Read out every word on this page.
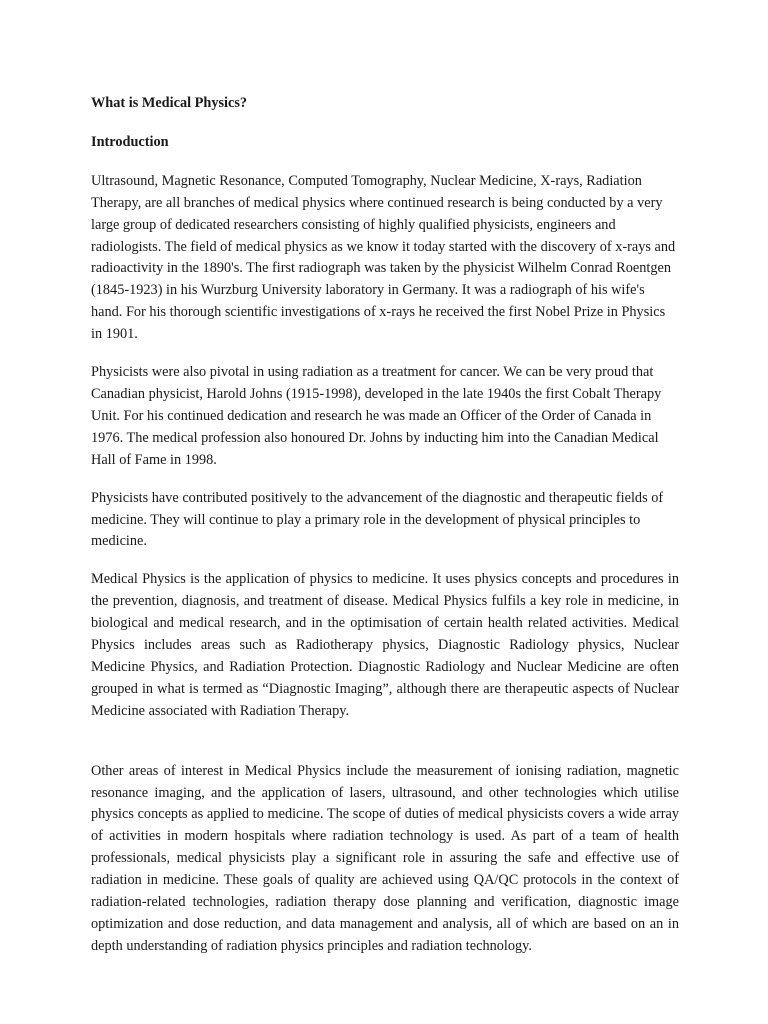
What is Medical Physics?

Introduction

Ultrasound, Magnetic Resonance, Computed Tomography, Nuclear Medicine, X-rays, Radiation Therapy, are all branches of medical physics where continued research is being conducted by a very large group of dedicated researchers consisting of highly qualified physicists, engineers and radiologists. The field of medical physics as we know it today started with the discovery of x-rays and radioactivity in the 1890's. The first radiograph was taken by the physicist Wilhelm Conrad Roentgen (1845-1923) in his Wurzburg University laboratory in Germany. It was a radiograph of his wife's hand. For his thorough scientific investigations of x-rays he received the first Nobel Prize in Physics in 1901.

Physicists were also pivotal in using radiation as a treatment for cancer. We can be very proud that Canadian physicist, Harold Johns (1915-1998), developed in the late 1940s the first Cobalt Therapy Unit. For his continued dedication and research he was made an Officer of the Order of Canada in 1976. The medical profession also honoured Dr. Johns by inducting him into the Canadian Medical Hall of Fame in 1998.

Physicists have contributed positively to the advancement of the diagnostic and therapeutic fields of medicine. They will continue to play a primary role in the development of physical principles to medicine.

Medical Physics is the application of physics to medicine. It uses physics concepts and procedures in the prevention, diagnosis, and treatment of disease. Medical Physics fulfils a key role in medicine, in biological and medical research, and in the optimisation of certain health related activities. Medical Physics includes areas such as Radiotherapy physics, Diagnostic Radiology physics, Nuclear Medicine Physics, and Radiation Protection. Diagnostic Radiology and Nuclear Medicine are often grouped in what is termed as “Diagnostic Imaging”, although there are therapeutic aspects of Nuclear Medicine associated with Radiation Therapy.

Other areas of interest in Medical Physics include the measurement of ionising radiation, magnetic resonance imaging, and the application of lasers, ultrasound, and other technologies which utilise physics concepts as applied to medicine. The scope of duties of medical physicists covers a wide array of activities in modern hospitals where radiation technology is used. As part of a team of health professionals, medical physicists play a significant role in assuring the safe and effective use of radiation in medicine. These goals of quality are achieved using QA/QC protocols in the context of radiation-related technologies, radiation therapy dose planning and verification, diagnostic image optimization and dose reduction, and data management and analysis, all of which are based on an in depth understanding of radiation physics principles and radiation technology.
